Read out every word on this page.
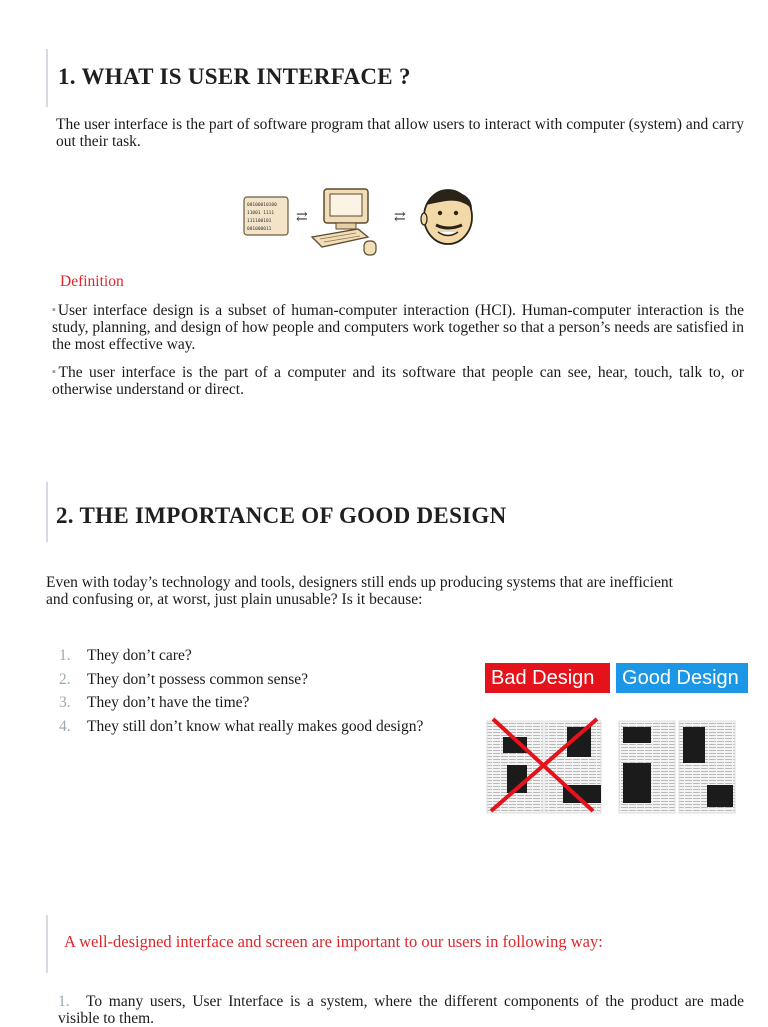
1. WHAT IS USER INTERFACE ?

The user interface is the part of software program that allow users to interact with computer (system) and carry out their task.

00100010100
11001 1111
111100101
001000011
⇄	⇄
Definition

▪User interface design is a subset of human-computer interaction (HCI). Human-computer interaction is the study, planning, and design of how people and computers work together so that a person’s needs are satisfied in the most effective way.

▪The user interface is the part of a computer and its software that people can see, hear, touch, talk to, or otherwise understand or direct.

2. THE IMPORTANCE OF GOOD DESIGN

Even with today’s technology and tools, designers still ends up producing systems that are inefficient and confusing or, at worst, just plain unusable? Is it because:

1. They don’t care?
2. They don’t possess common sense?
3. They don’t have the time?
4. They still don’t know what really makes good design?
Bad Design	Good Design
A well-designed interface and screen are important to our users in following way:
1. To many users, User Interface is a system, where the different components of the product are made visible to them.
